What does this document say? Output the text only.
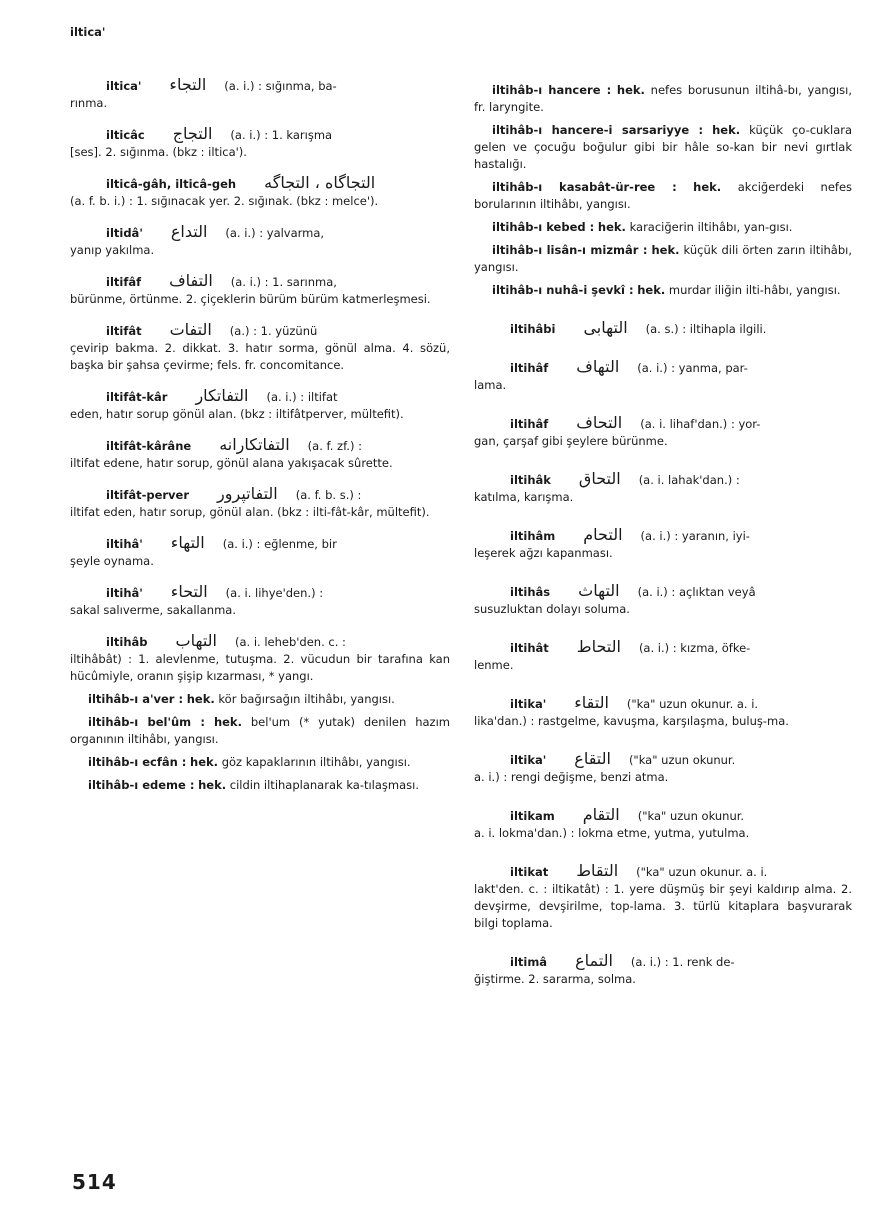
iltica'

iltica' التجاء (a. i.) : sığınma, ba-
rınma.

ilticâc التجاج (a. i.) : 1. karışma
[ses]. 2. sığınma. (bkz : iltica').

ilticâ-gâh, ilticâ-geh التجاگاه ، التجاگه
(a. f. b. i.) : 1. sığınacak yer. 2. sığınak. (bkz : melce').

iltidâ' التداع (a. i.) : yalvarma,
yanıp yakılma.

iltifâf التفاف (a. i.) : 1. sarınma,
bürünme, örtünme. 2. çiçeklerin bürüm bürüm katmerleşmesi.

iltifât التفات (a.) : 1. yüzünü
çevirip bakma. 2. dikkat. 3. hatır sorma, gönül alma. 4. sözü, başka bir şahsa çevirme; fels. fr. concomitance.

iltifât-kâr التفاتكار (a. i.) : iltifat
eden, hatır sorup gönül alan. (bkz : iltifâtperver, mültefit).

iltifât-kârâne التفاتكارانه (a. f. zf.) :
iltifat edene, hatır sorup, gönül alana yakışacak sûrette.

iltifât-perver التفاتپرور (a. f. b. s.) :
iltifat eden, hatır sorup, gönül alan. (bkz : ilti-fât-kâr, mültefit).

iltihâ' التهاء (a. i.) : eğlenme, bir
şeyle oynama.

iltihâ' التحاء (a. i. lihye'den.) :
sakal salıverme, sakallanma.

iltihâb التهاب (a. i. leheb'den. c. :
iltihâbât) : 1. alevlenme, tutuşma. 2. vücudun bir tarafına kan hücûmiyle, oranın şişip kızarması, * yangı.

iltihâb-ı a'ver : hek. kör bağırsağın iltihâbı, yangısı.

iltihâb-ı bel'ûm : hek. bel'um (* yutak) denilen hazım organının iltihâbı, yangısı.

iltihâb-ı ecfân : hek. göz kapaklarının iltihâbı, yangısı.

iltihâb-ı edeme : hek. cildin iltihaplanarak ka-tılaşması.

iltihâb-ı hancere : hek. nefes borusunun iltihâ-bı, yangısı, fr. laryngite.

iltihâb-ı hancere-i sarsariyye : hek. küçük ço-cuklara gelen ve çocuğu boğulur gibi bir hâle so-kan bir nevi gırtlak hastalığı.

iltihâb-ı kasabât-ür-ree : hek. akciğerdeki nefes borularının iltihâbı, yangısı.

iltihâb-ı kebed : hek. karaciğerin iltihâbı, yan-gısı.

iltihâb-ı lisân-ı mizmâr : hek. küçük dili örten zarın iltihâbı, yangısı.

iltihâb-ı nuhâ-i şevkî : hek. murdar iliğin ilti-hâbı, yangısı.

iltihâbi التهابى (a. s.) : iltihapla ilgili.

iltihâf التهاف (a. i.) : yanma, par-
lama.

iltihâf التحاف (a. i. lihaf'dan.) : yor-
gan, çarşaf gibi şeylere bürünme.

iltihâk التحاق (a. i. lahak'dan.) :
katılma, karışma.

iltihâm التحام (a. i.) : yaranın, iyi-
leşerek ağzı kapanması.

iltihâs التهاث (a. i.) : açlıktan veyâ
susuzluktan dolayı soluma.

iltihât التحاط (a. i.) : kızma, öfke-
lenme.

iltika' التقاء ("ka" uzun okunur. a. i.
lika'dan.) : rastgelme, kavuşma, karşılaşma, buluş-ma.

iltika' التقاع ("ka" uzun okunur.
a. i.) : rengi değişme, benzi atma.

iltikam التقام ("ka" uzun okunur.
a. i. lokma'dan.) : lokma etme, yutma, yutulma.

iltikat التقاط ("ka" uzun okunur. a. i.
lakt'den. c. : iltikatât) : 1. yere düşmüş bir şeyi kaldırıp alma. 2. devşirme, devşirilme, top-lama. 3. türlü kitaplara başvurarak bilgi toplama.

iltimâ التماع (a. i.) : 1. renk de-
ğiştirme. 2. sararma, solma.

514
